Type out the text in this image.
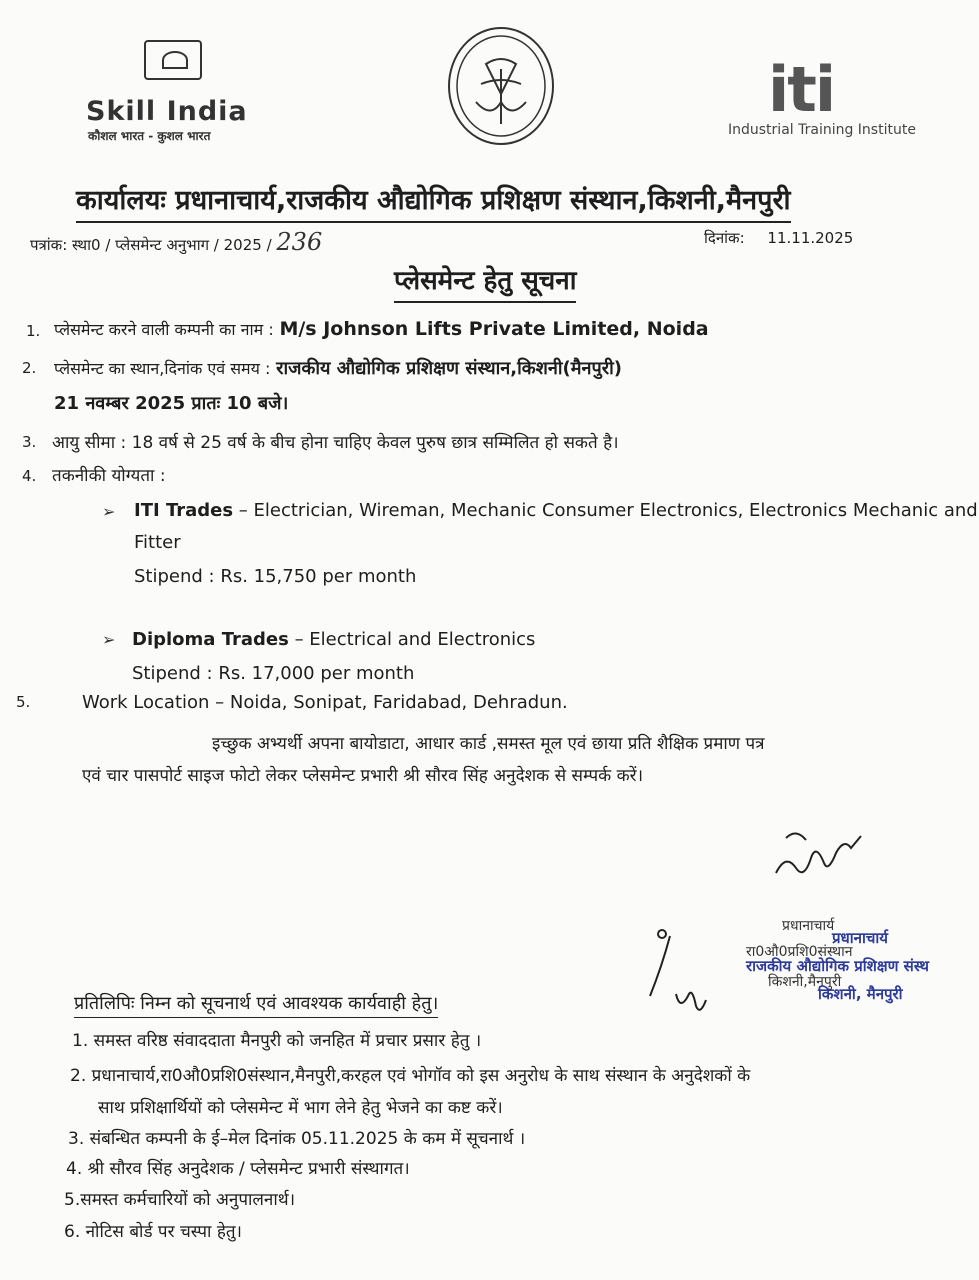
Skill India
कौशल भारत - कुशल भारत
iti
Industrial Training Institute
कार्यालयः प्रधानाचार्य,राजकीय औद्योगिक प्रशिक्षण संस्थान,किशनी,मैनपुरी
पत्रांक: स्था0 / प्लेसमेन्ट अनुभाग / 2025 / 236	दिनांक: 11.11.2025
प्लेसमेन्ट हेतु सूचना
1. प्लेसमेन्ट करने वाली कम्पनी का नाम : M/s Johnson Lifts Private Limited, Noida
2. प्लेसमेन्ट का स्थान,दिनांक एवं समय : राजकीय औद्योगिक प्रशिक्षण संस्थान,किशनी(मैनपुरी)
21 नवम्बर 2025 प्रातः 10 बजे।
3. आयु सीमा : 18 वर्ष से 25 वर्ष के बीच होना चाहिए केवल पुरुष छात्र सम्मिलित हो सकते है।
4. तकनीकी योग्यता :
➢ ITI Trades – Electrician, Wireman, Mechanic Consumer Electronics, Electronics Mechanic and
Fitter
Stipend : Rs. 15,750 per month
➢ Diploma Trades – Electrical and Electronics
Stipend : Rs. 17,000 per month
5.	Work Location – Noida, Sonipat, Faridabad, Dehradun.
इच्छुक अभ्यर्थी अपना बायोडाटा, आधार कार्ड ,समस्त मूल एवं छाया प्रति शैक्षिक प्रमाण पत्र
एवं चार पासपोर्ट साइज फोटो लेकर प्लेसमेन्ट प्रभारी श्री सौरव सिंह अनुदेशक से सम्पर्क करें।
प्रधानाचार्य
प्रधानाचार्य
रा0औ0प्रशि0संस्थान
राजकीय औद्योगिक प्रशिक्षण संस्थ
किशनी,मैनपुरी
किशनी, मैनपुरी
प्रतिलिपिः निम्न को सूचनार्थ एवं आवश्यक कार्यवाही हेतु।
1. समस्त वरिष्ठ संवाददाता मैनपुरी को जनहित में प्रचार प्रसार हेतु ।
2. प्रधानाचार्य,रा0औ0प्रशि0संस्थान,मैनपुरी,करहल एवं भोगॉव को इस अनुरोध के साथ संस्थान के अनुदेशकों के
साथ प्रशिक्षार्थियों को प्लेसमेन्ट में भाग लेने हेतु भेजने का कष्ट करें।
3. संबन्धित कम्पनी के ई–मेल दिनांक 05.11.2025 के कम में सूचनार्थ ।
4. श्री सौरव सिंह अनुदेशक / प्लेसमेन्ट प्रभारी संस्थागत।
5.समस्त कर्मचारियों को अनुपालनार्थ।
6. नोटिस बोर्ड पर चस्पा हेतु।
